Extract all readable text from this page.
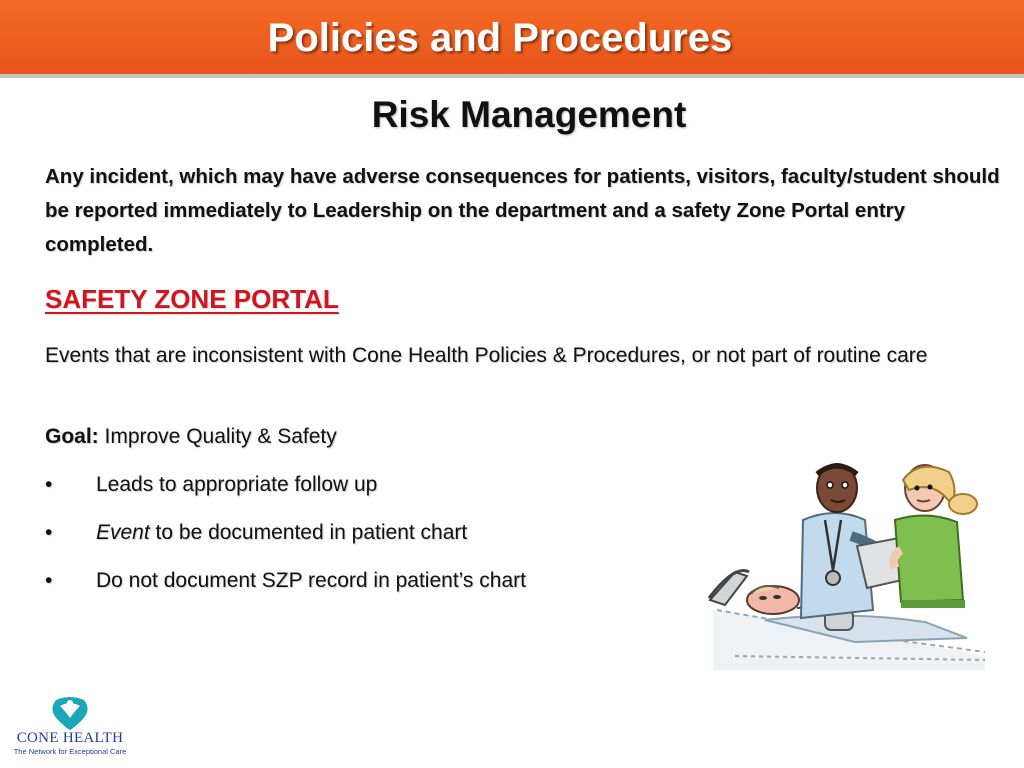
Policies and Procedures
Risk Management
Any incident, which may have adverse consequences for patients, visitors, faculty/student should be reported immediately to Leadership on the department and a safety Zone Portal entry completed.
SAFETY ZONE PORTAL
Events that are inconsistent with Cone Health Policies & Procedures, or not part of routine care
Goal: Improve Quality & Safety
•	Leads to appropriate follow up
•	Event to be documented in patient chart
•	Do not document SZP record in patient’s chart
CONE HEALTH
The Network for Exceptional Care
